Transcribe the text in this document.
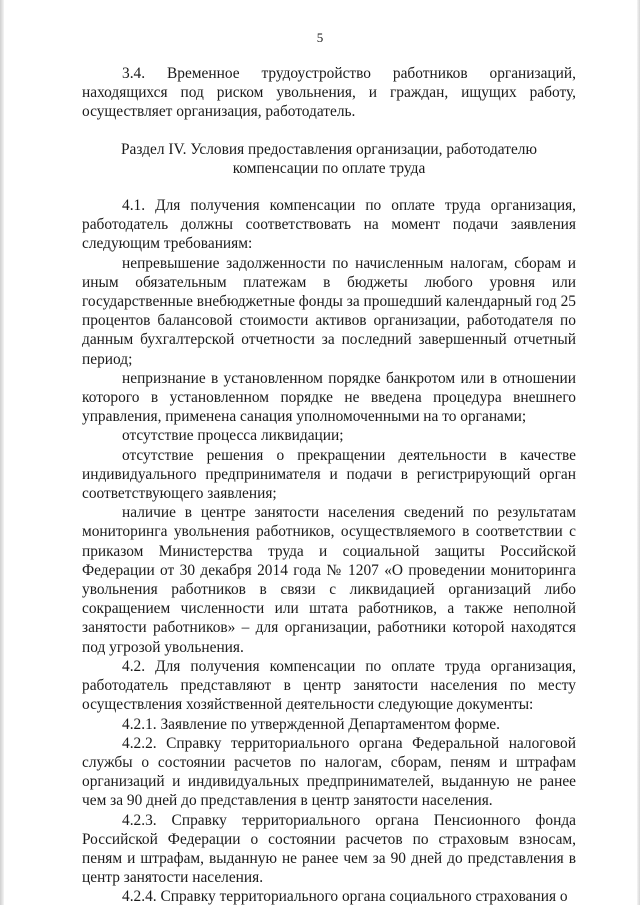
5

3.4. Временное трудоустройство работников организаций, находящихся под риском увольнения, и граждан, ищущих работу, осуществляет организация, работодатель.

Раздел IV. Условия предоставления организации, работодателю
компенсации по оплате труда

4.1. Для получения компенсации по оплате труда организация, работодатель должны соответствовать на момент подачи заявления следующим требованиям:

непревышение задолженности по начисленным налогам, сборам и иным обязательным платежам в бюджеты любого уровня или государственные внебюджетные фонды за прошедший календарный год 25 процентов балансовой стоимости активов организации, работодателя по данным бухгалтерской отчетности за последний завершенный отчетный период;

непризнание в установленном порядке банкротом или в отношении которого в установленном порядке не введена процедура внешнего управления, применена санация уполномоченными на то органами;

отсутствие процесса ликвидации;

отсутствие решения о прекращении деятельности в качестве индивидуального предпринимателя и подачи в регистрирующий орган соответствующего заявления;

наличие в центре занятости населения сведений по результатам мониторинга увольнения работников, осуществляемого в соответствии с приказом Министерства труда и социальной защиты Российской Федерации от 30 декабря 2014 года № 1207 «О проведении мониторинга увольнения работников в связи с ликвидацией организаций либо сокращением численности или штата работников, а также неполной занятости работников» – для организации, работники которой находятся под угрозой увольнения.

4.2. Для получения компенсации по оплате труда организация, работодатель представляют в центр занятости населения по месту осуществления хозяйственной деятельности следующие документы:

4.2.1. Заявление по утвержденной Департаментом форме.

4.2.2. Справку территориального органа Федеральной налоговой службы о состоянии расчетов по налогам, сборам, пеням и штрафам организаций и индивидуальных предпринимателей, выданную не ранее чем за 90 дней до представления в центр занятости населения.

4.2.3. Справку территориального органа Пенсионного фонда Российской Федерации о состоянии расчетов по страховым взносам, пеням и штрафам, выданную не ранее чем за 90 дней до представления в центр занятости населения.

4.2.4. Справку территориального органа социального страхования о
